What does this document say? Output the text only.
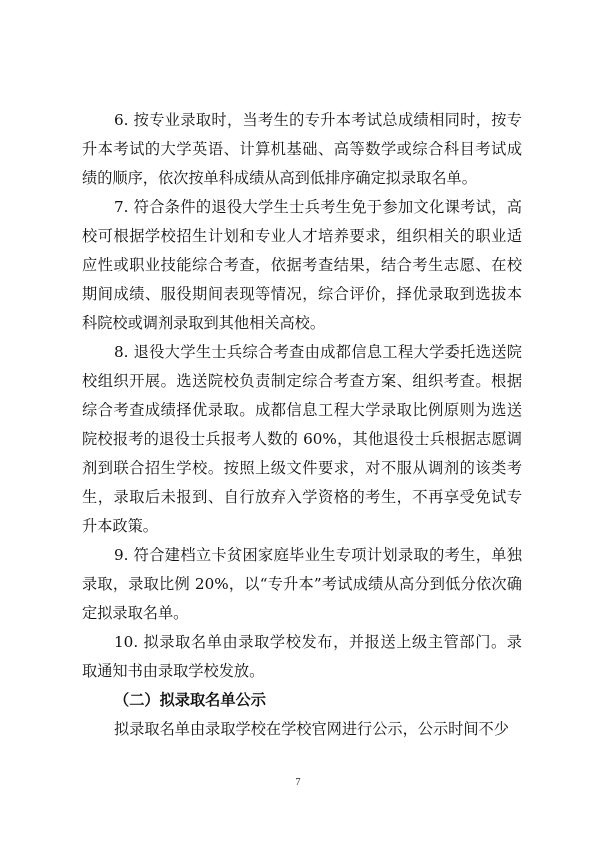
6. 按专业录取时，当考生的专升本考试总成绩相同时，按专升本考试的大学英语、计算机基础、高等数学或综合科目考试成绩的顺序，依次按单科成绩从高到低排序确定拟录取名单。

7. 符合条件的退役大学生士兵考生免于参加文化课考试，高校可根据学校招生计划和专业人才培养要求，组织相关的职业适应性或职业技能综合考查，依据考查结果，结合考生志愿、在校期间成绩、服役期间表现等情况，综合评价，择优录取到选拔本科院校或调剂录取到其他相关高校。

8. 退役大学生士兵综合考查由成都信息工程大学委托选送院校组织开展。选送院校负责制定综合考查方案、组织考查。根据综合考查成绩择优录取。成都信息工程大学录取比例原则为选送院校报考的退役士兵报考人数的 60%，其他退役士兵根据志愿调剂到联合招生学校。按照上级文件要求，对不服从调剂的该类考生，录取后未报到、自行放弃入学资格的考生，不再享受免试专升本政策。

9. 符合建档立卡贫困家庭毕业生专项计划录取的考生，单独录取，录取比例 20%，以“专升本”考试成绩从高分到低分依次确定拟录取名单。

10. 拟录取名单由录取学校发布，并报送上级主管部门。录取通知书由录取学校发放。

（二）拟录取名单公示

拟录取名单由录取学校在学校官网进行公示，公示时间不少

7
